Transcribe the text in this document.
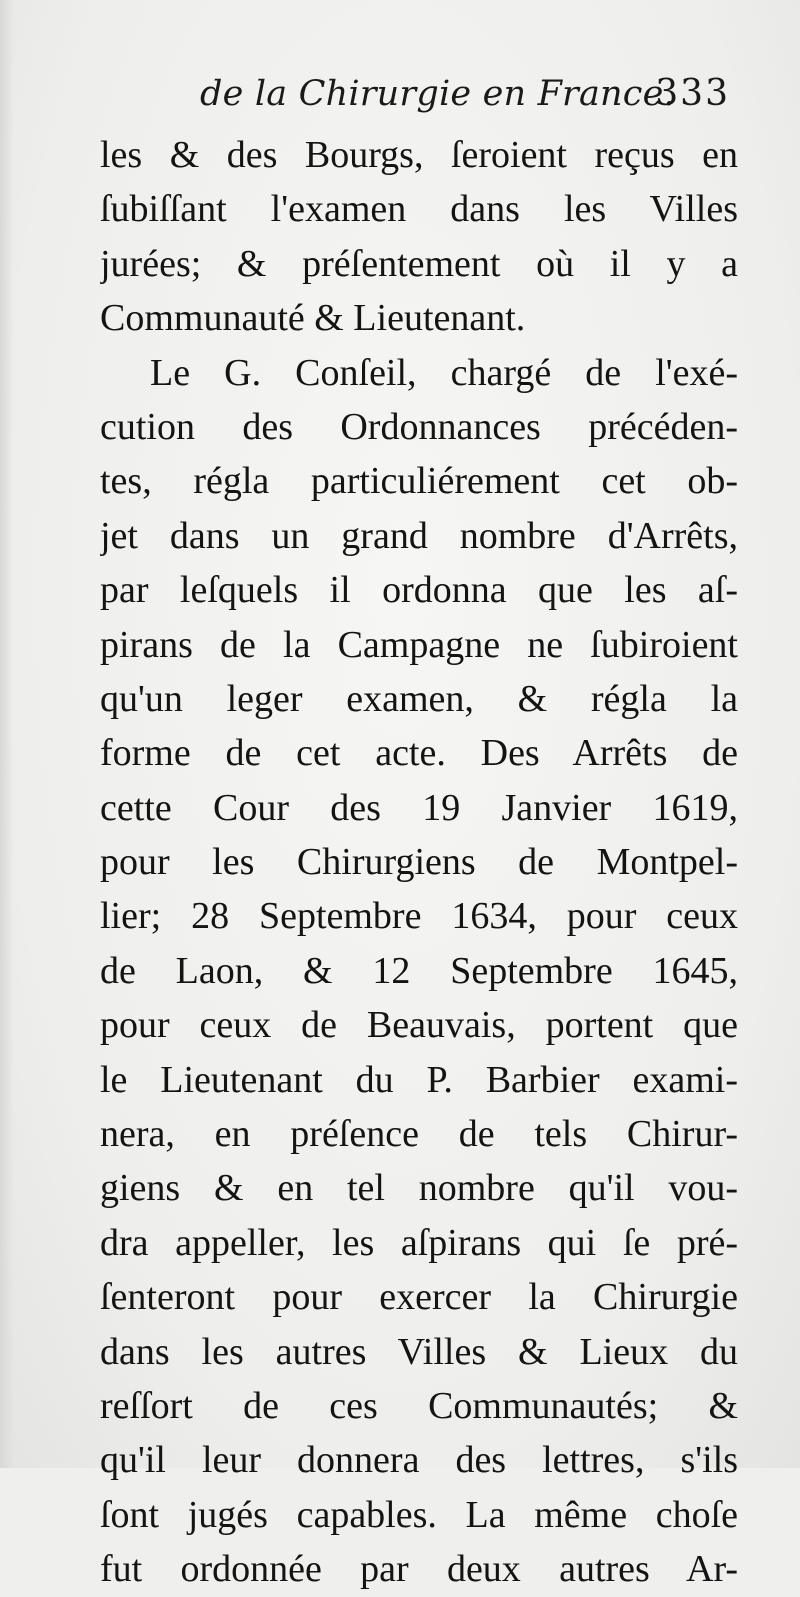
de la Chirurgie en France.
333
les & des Bourgs, ſeroient reçus en
ſubiſſant l'examen dans les Villes
jurées; & préſentement où il y a
Communauté & Lieutenant.
Le G. Conſeil, chargé de l'exé-
cution des Ordonnances précéden-
tes, régla particuliérement cet ob-
jet dans un grand nombre d'Arrêts,
par leſquels il ordonna que les aſ-
pirans de la Campagne ne ſubiroient
qu'un leger examen, & régla la
forme de cet acte. Des Arrêts de
cette Cour des 19 Janvier 1619,
pour les Chirurgiens de Montpel-
lier; 28 Septembre 1634, pour ceux
de Laon, & 12 Septembre 1645,
pour ceux de Beauvais, portent que
le Lieutenant du P. Barbier exami-
nera, en préſence de tels Chirur-
giens & en tel nombre qu'il vou-
dra appeller, les aſpirans qui ſe pré-
ſenteront pour exercer la Chirurgie
dans les autres Villes & Lieux du
reſſort de ces Communautés; &
qu'il leur donnera des lettres, s'ils
ſont jugés capables. La même choſe
fut ordonnée par deux autres Ar-
